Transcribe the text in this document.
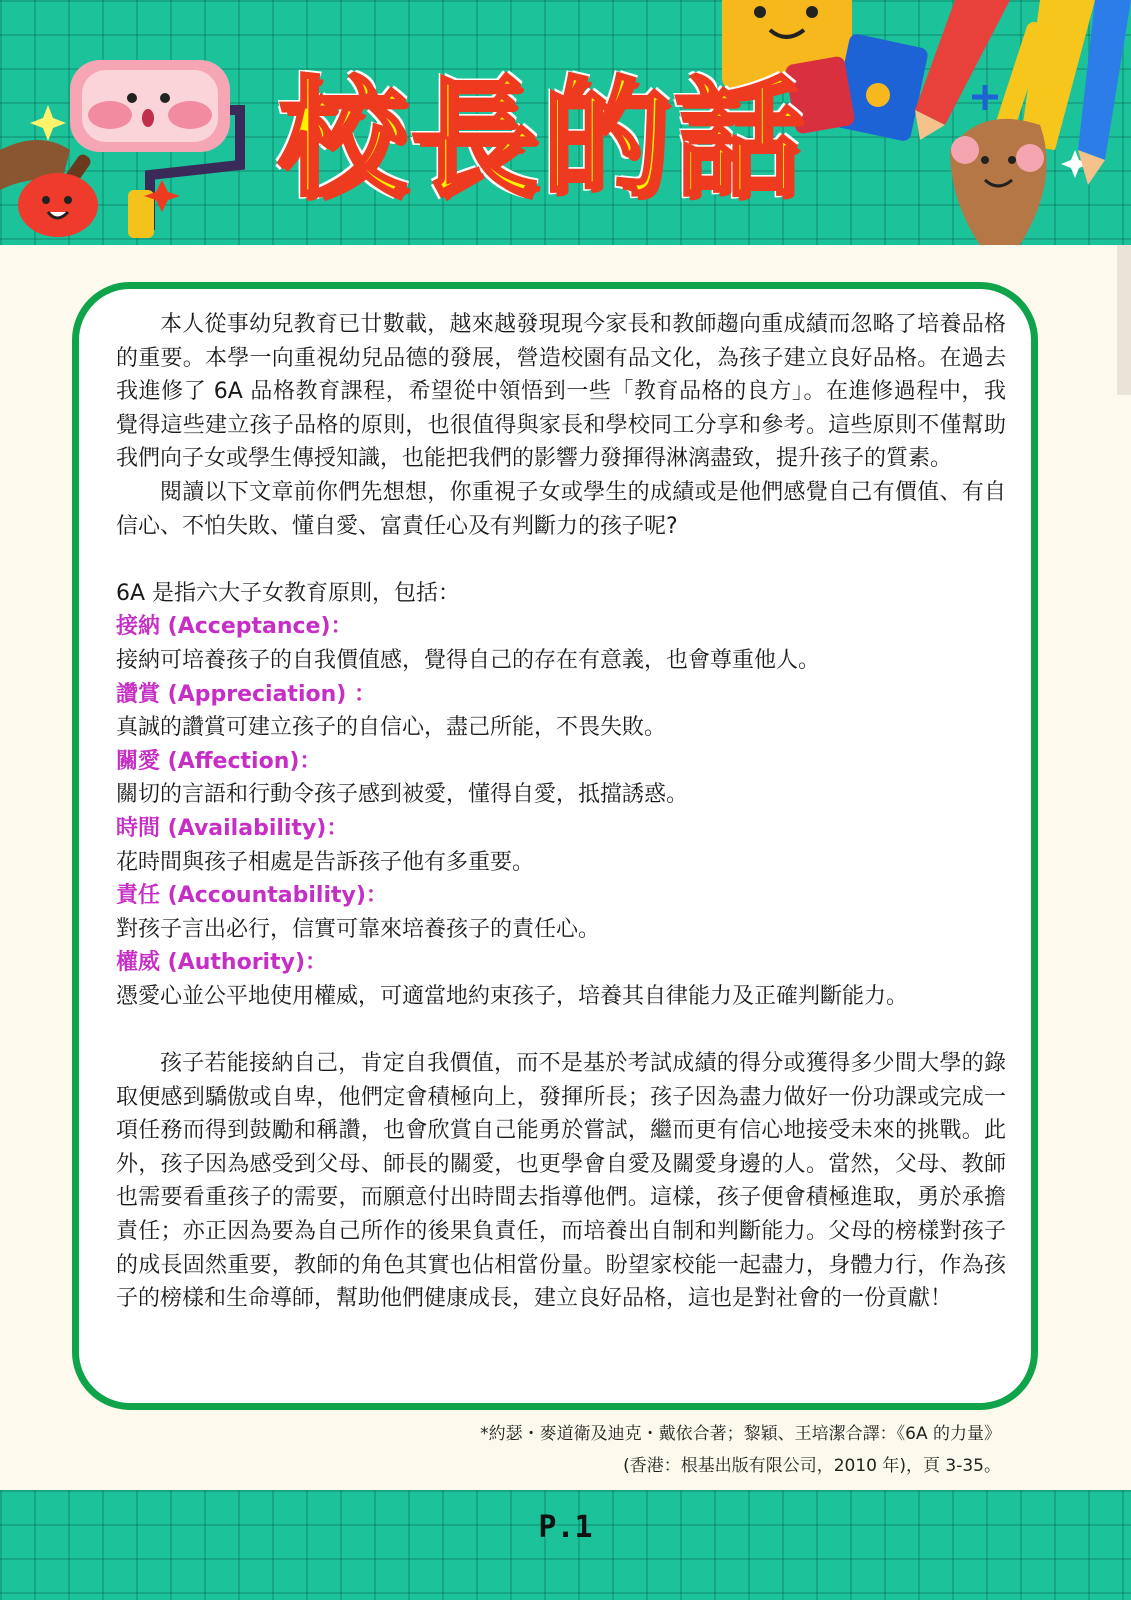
校長的話

本人從事幼兒教育已廿數載，越來越發現現今家長和教師趨向重成績而忽略了培養品格的重要。本學一向重視幼兒品德的發展，營造校園有品文化，為孩子建立良好品格。在過去我進修了 6A 品格教育課程，希望從中領悟到一些「教育品格的良方」。在進修過程中，我覺得這些建立孩子品格的原則，也很值得與家長和學校同工分享和參考。這些原則不僅幫助我們向子女或學生傳授知識，也能把我們的影響力發揮得淋漓盡致，提升孩子的質素。

閱讀以下文章前你們先想想，你重視子女或學生的成績或是他們感覺自己有價值、有自信心、不怕失敗、懂自愛、富責任心及有判斷力的孩子呢?

6A 是指六大子女教育原則，包括：

接納 (Acceptance)：

接納可培養孩子的自我價值感，覺得自己的存在有意義，也會尊重他人。

讚賞 (Appreciation) ：

真誠的讚賞可建立孩子的自信心，盡己所能，不畏失敗。

關愛 (Affection)：

關切的言語和行動令孩子感到被愛，懂得自愛，抵擋誘惑。

時間 (Availability)：

花時間與孩子相處是告訴孩子他有多重要。

責任 (Accountability)：

對孩子言出必行，信實可靠來培養孩子的責任心。

權威 (Authority)：

憑愛心並公平地使用權威，可適當地約束孩子，培養其自律能力及正確判斷能力。

孩子若能接納自己，肯定自我價值，而不是基於考試成績的得分或獲得多少間大學的錄取便感到驕傲或自卑，他們定會積極向上，發揮所長；孩子因為盡力做好一份功課或完成一項任務而得到鼓勵和稱讚，也會欣賞自己能勇於嘗試，繼而更有信心地接受未來的挑戰。此外，孩子因為感受到父母、師長的關愛，也更學會自愛及關愛身邊的人。當然，父母、教師也需要看重孩子的需要，而願意付出時間去指導他們。這樣，孩子便會積極進取，勇於承擔責任；亦正因為要為自己所作的後果負責任，而培養出自制和判斷能力。父母的榜樣對孩子的成長固然重要，教師的角色其實也佔相當份量。盼望家校能一起盡力，身體力行，作為孩子的榜樣和生命導師，幫助他們健康成長，建立良好品格，這也是對社會的一份貢獻！

*約瑟・麥道衛及迪克・戴依合著；黎穎、王培潔合譯：《6A 的力量》

(香港：根基出版有限公司，2010 年)，頁 3-35。

P.1
